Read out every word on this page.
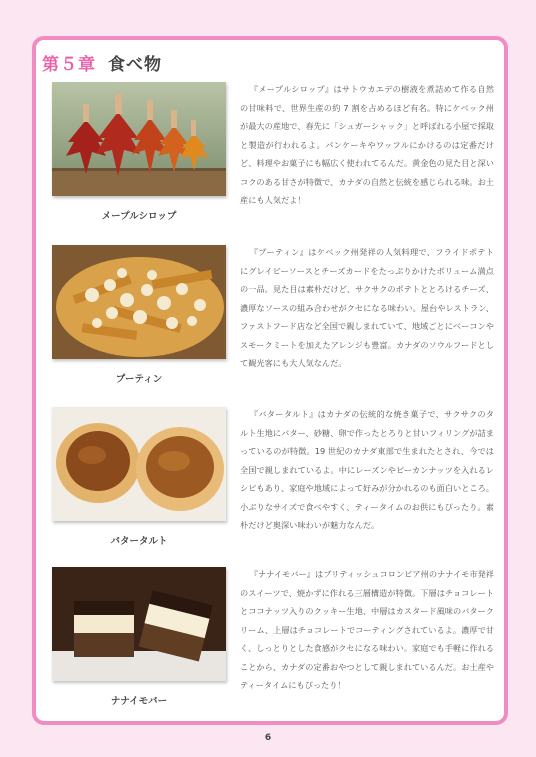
第５章 食べ物
メープルシロップ
『メープルシロップ』はサトウカエデの樹液を煮詰めて作る自然の甘味料で、世界生産の約 7 割を占めるほど有名。特にケベック州が最大の産地で、春先に「シュガーシャック」と呼ばれる小屋で採取と製造が行われるよ。パンケーキやワッフルにかけるのは定番だけど、料理やお菓子にも幅広く使われてるんだ。黄金色の見た目と深いコクのある甘さが特徴で、カナダの自然と伝統を感じられる味。お土産にも人気だよ！
プーティン
『プーティン』はケベック州発祥の人気料理で、フライドポテトにグレイビーソースとチーズカードをたっぷりかけたボリューム満点の一品。見た目は素朴だけど、サクサクのポテトととろけるチーズ、濃厚なソースの組み合わせがクセになる味わい。屋台やレストラン、ファストフード店など全国で親しまれていて、地域ごとにベーコンやスモークミートを加えたアレンジも豊富。カナダのソウルフードとして観光客にも大人気なんだ。
バタータルト
『バタータルト』はカナダの伝統的な焼き菓子で、サクサクのタルト生地にバター、砂糖、卵で作ったとろりと甘いフィリングが詰まっているのが特徴。19 世紀のカナダ東部で生まれたとされ、今では全国で親しまれているよ。中にレーズンやピーカンナッツを入れるレシピもあり、家庭や地域によって好みが分かれるのも面白いところ。小ぶりなサイズで食べやすく、ティータイムのお供にもぴったり。素朴だけど奥深い味わいが魅力なんだ。
ナナイモバー
『ナナイモバー』はブリティッシュコロンビア州のナナイモ市発祥のスイーツで、焼かずに作れる三層構造が特徴。下層はチョコレートとココナッツ入りのクッキー生地、中層はカスタード風味のバタークリーム、上層はチョコレートでコーティングされているよ。濃厚で甘く、しっとりとした食感がクセになる味わい。家庭でも手軽に作れることから、カナダの定番おやつとして親しまれているんだ。お土産やティータイムにもぴったり！
6
